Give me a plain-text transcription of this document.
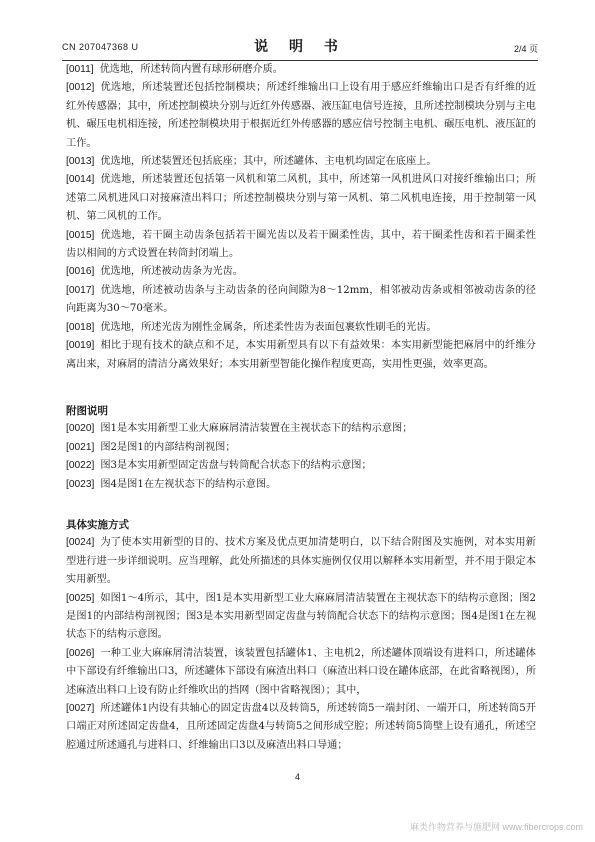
CN 207047368 U	说 明 书	2/4 页

[0011] 优选地，所述转筒内置有球形研磨介质。

[0012] 优选地，所述装置还包括控制模块；所述纤维输出口上设有用于感应纤维输出口是否有纤维的近红外传感器；其中，所述控制模块分别与近红外传感器、液压缸电信号连接，且所述控制模块分别与主电机、碾压电机相连接，所述控制模块用于根据近红外传感器的感应信号控制主电机、碾压电机、液压缸的工作。

[0013] 优选地，所述装置还包括底座；其中，所述罐体、主电机均固定在底座上。

[0014] 优选地，所述装置还包括第一风机和第二风机，其中，所述第一风机进风口对接纤维输出口；所述第二风机进风口对接麻渣出料口；所述控制模块分别与第一风机、第二风机电连接，用于控制第一风机、第二风机的工作。

[0015] 优选地，若干圈主动齿条包括若干圈光齿以及若干圈柔性齿，其中，若干圈柔性齿和若干圈柔性齿以相间的方式设置在转筒封闭端上。

[0016] 优选地，所述被动齿条为光齿。

[0017] 优选地，所述被动齿条与主动齿条的径向间隙为8～12mm，相邻被动齿条或相邻被动齿条的径向距离为30～70毫米。

[0018] 优选地，所述光齿为刚性金属条，所述柔性齿为表面包裹软性刷毛的光齿。

[0019] 相比于现有技术的缺点和不足，本实用新型具有以下有益效果：本实用新型能把麻屑中的纤维分离出来，对麻屑的清洁分离效果好；本实用新型智能化操作程度更高，实用性更强，效率更高。

附图说明

[0020] 图1是本实用新型工业大麻麻屑清洁装置在主视状态下的结构示意图；

[0021] 图2是图1的内部结构剖视图；

[0022] 图3是本实用新型固定齿盘与转筒配合状态下的结构示意图；

[0023] 图4是图1在左视状态下的结构示意图。

具体实施方式

[0024] 为了使本实用新型的目的、技术方案及优点更加清楚明白，以下结合附图及实施例，对本实用新型进行进一步详细说明。应当理解，此处所描述的具体实施例仅仅用以解释本实用新型，并不用于限定本实用新型。

[0025] 如图1～4所示，其中，图1是本实用新型工业大麻麻屑清洁装置在主视状态下的结构示意图；图2是图1的内部结构剖视图；图3是本实用新型固定齿盘与转筒配合状态下的结构示意图；图4是图1在左视状态下的结构示意图。

[0026] 一种工业大麻麻屑清洁装置，该装置包括罐体1、主电机2，所述罐体顶端设有进料口，所述罐体中下部设有纤维输出口3，所述罐体下部设有麻渣出料口（麻渣出料口设在罐体底部，在此省略视图），所述麻渣出料口上设有防止纤维吹出的挡网（图中省略视图）；其中，

[0027] 所述罐体1内设有共轴心的固定齿盘4以及转筒5，所述转筒5一端封闭、一端开口，所述转筒5开口端正对所述固定齿盘4，且所述固定齿盘4与转筒5之间形成空腔；所述转筒5筒壁上设有通孔，所述空腔通过所述通孔与进料口、纤维输出口3以及麻渣出料口导通；

4
麻类作物营养与施肥网 www.fibercrops.com
